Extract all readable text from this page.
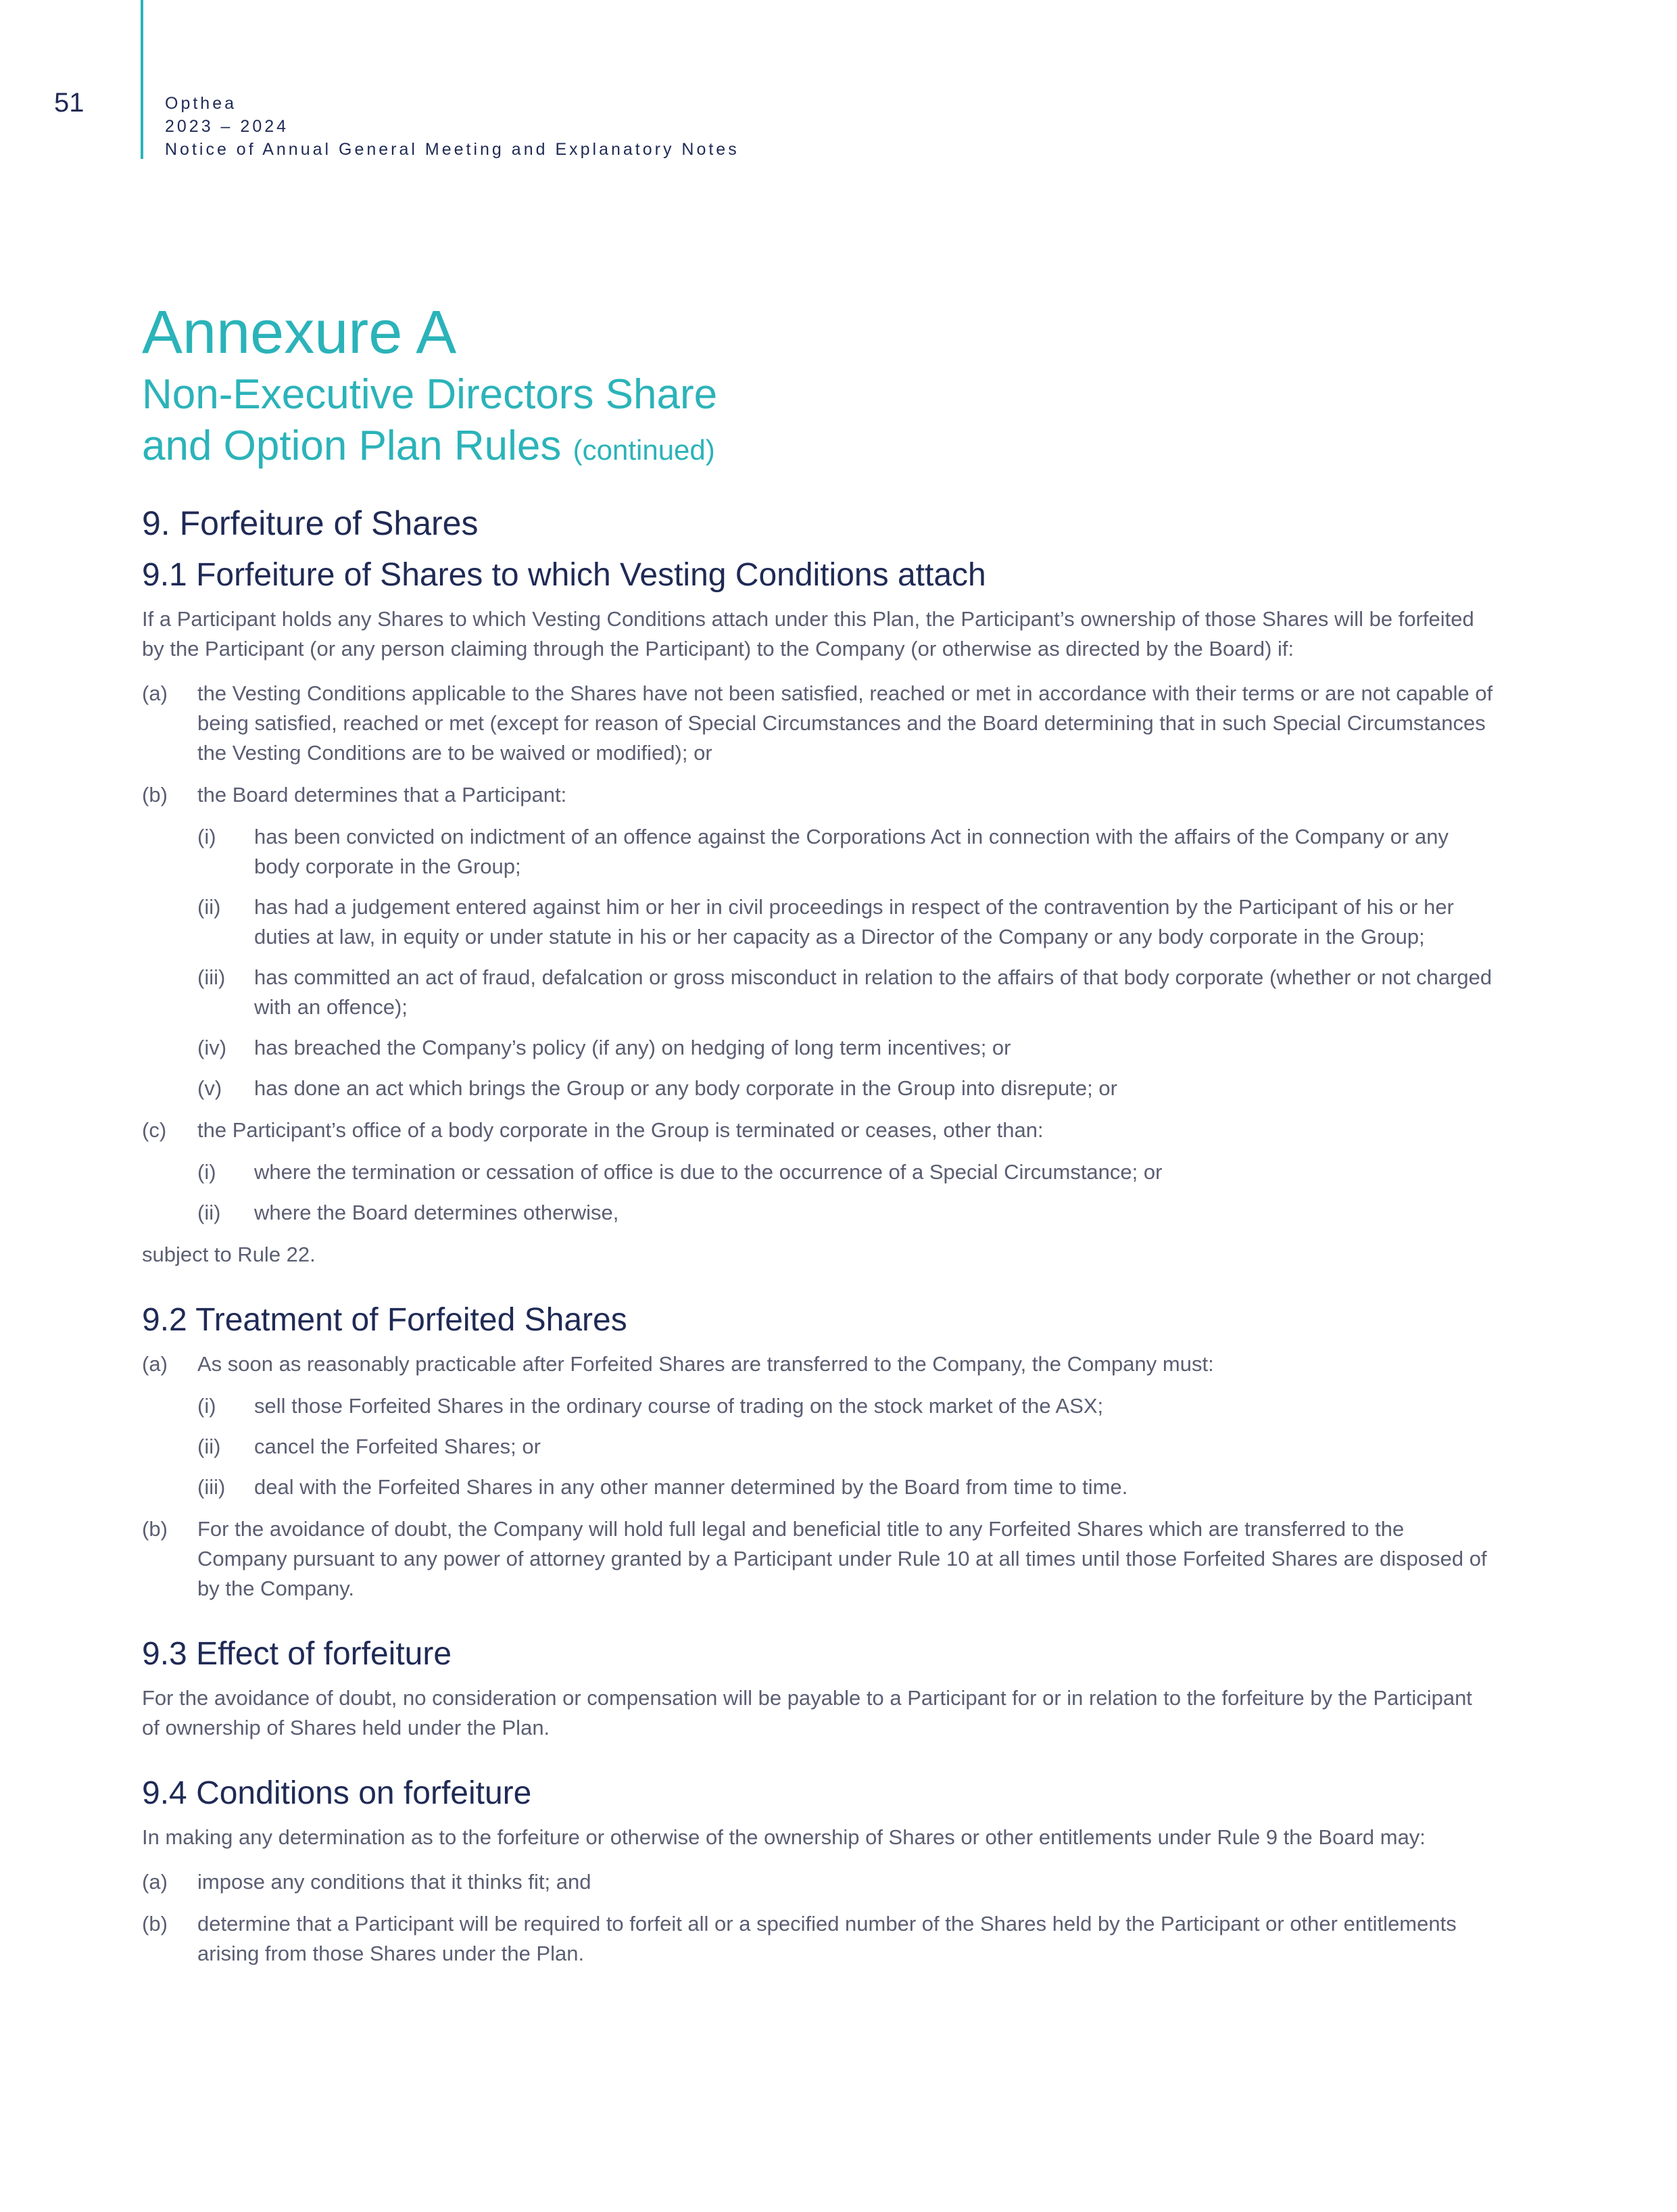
51	Opthea
2023 – 2024
Notice of Annual General Meeting and Explanatory Notes
Annexure A
Non-Executive Directors Share
and Option Plan Rules (continued)
9. Forfeiture of Shares
9.1 Forfeiture of Shares to which Vesting Conditions attach

If a Participant holds any Shares to which Vesting Conditions attach under this Plan, the Participant’s ownership of those Shares will be forfeited by the Participant (or any person claiming through the Participant) to the Company (or otherwise as directed by the Board) if:

(a)	the Vesting Conditions applicable to the Shares have not been satisfied, reached or met in accordance with their terms or are not capable of being satisfied, reached or met (except for reason of Special Circumstances and the Board determining that in such Special Circumstances the Vesting Conditions are to be waived or modified); or
(b)	the Board determines that a Participant:
(i)	has been convicted on indictment of an offence against the Corporations Act in connection with the affairs of the Company or any body corporate in the Group;
(ii)	has had a judgement entered against him or her in civil proceedings in respect of the contravention by the Participant of his or her duties at law, in equity or under statute in his or her capacity as a Director of the Company or any body corporate in the Group;
(iii)	has committed an act of fraud, defalcation or gross misconduct in relation to the affairs of that body corporate (whether or not charged with an offence);
(iv)	has breached the Company’s policy (if any) on hedging of long term incentives; or
(v)	has done an act which brings the Group or any body corporate in the Group into disrepute; or
(c)	the Participant’s office of a body corporate in the Group is terminated or ceases, other than:
(i)	where the termination or cessation of office is due to the occurrence of a Special Circumstance; or
(ii)	where the Board determines otherwise,

subject to Rule 22.

9.2 Treatment of Forfeited Shares
(a)	As soon as reasonably practicable after Forfeited Shares are transferred to the Company, the Company must:
(i)	sell those Forfeited Shares in the ordinary course of trading on the stock market of the ASX;
(ii)	cancel the Forfeited Shares; or
(iii)	deal with the Forfeited Shares in any other manner determined by the Board from time to time.
(b)	For the avoidance of doubt, the Company will hold full legal and beneficial title to any Forfeited Shares which are transferred to the Company pursuant to any power of attorney granted by a Participant under Rule 10 at all times until those Forfeited Shares are disposed of by the Company.
9.3 Effect of forfeiture

For the avoidance of doubt, no consideration or compensation will be payable to a Participant for or in relation to the forfeiture by the Participant of ownership of Shares held under the Plan.

9.4 Conditions on forfeiture

In making any determination as to the forfeiture or otherwise of the ownership of Shares or other entitlements under Rule 9 the Board may:

(a)	impose any conditions that it thinks fit; and
(b)	determine that a Participant will be required to forfeit all or a specified number of the Shares held by the Participant or other entitlements arising from those Shares under the Plan.
